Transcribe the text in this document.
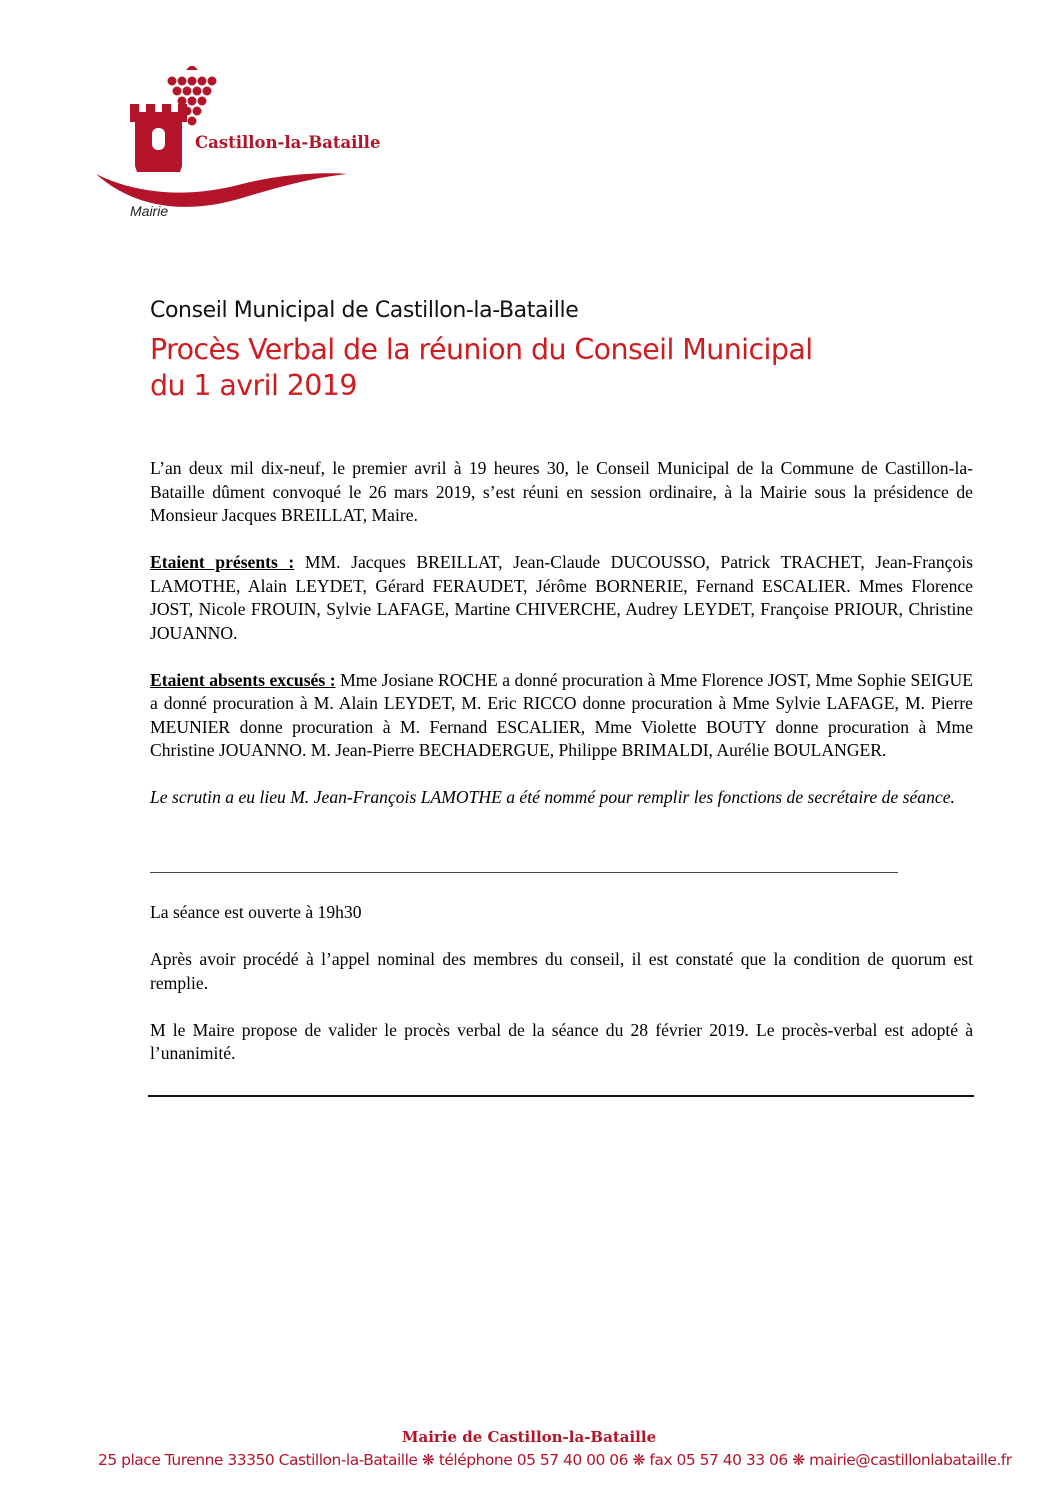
Castillon-la-Bataille
Mairie
Conseil Municipal de Castillon-la-Bataille
Procès Verbal de la réunion du Conseil Municipal
du 1 avril 2019

L’an deux mil dix-neuf, le premier avril à 19 heures 30, le Conseil Municipal de la Commune de Castillon-la-Bataille dûment convoqué le 26 mars 2019, s’est réuni en session ordinaire, à la Mairie sous la présidence de Monsieur Jacques BREILLAT, Maire.

Etaient présents : MM. Jacques BREILLAT, Jean-Claude DUCOUSSO, Patrick TRACHET, Jean-François LAMOTHE, Alain LEYDET, Gérard FERAUDET, Jérôme BORNERIE, Fernand ESCALIER. Mmes Florence JOST, Nicole FROUIN, Sylvie LAFAGE, Martine CHIVERCHE, Audrey LEYDET, Françoise PRIOUR, Christine JOUANNO.

Etaient absents excusés : Mme Josiane ROCHE a donné procuration à Mme Florence JOST, Mme Sophie SEIGUE a donné procuration à M. Alain LEYDET, M. Eric RICCO donne procuration à Mme Sylvie LAFAGE, M. Pierre MEUNIER donne procuration à M. Fernand ESCALIER, Mme Violette BOUTY donne procuration à Mme Christine JOUANNO. M. Jean-Pierre BECHADERGUE, Philippe BRIMALDI, Aurélie BOULANGER.

Le scrutin a eu lieu M. Jean-François LAMOTHE a été nommé pour remplir les fonctions de secrétaire de séance.

La séance est ouverte à 19h30

Après avoir procédé à l’appel nominal des membres du conseil, il est constaté que la condition de quorum est remplie.

M le Maire propose de valider le procès verbal de la séance du 28 février 2019. Le procès-verbal est adopté à l’unanimité.

Mairie de Castillon-la-Bataille
25 place Turenne 33350 Castillon-la-Bataille ❋ téléphone 05 57 40 00 06 ❋ fax 05 57 40 33 06 ❋ mairie@castillonlabataille.fr
